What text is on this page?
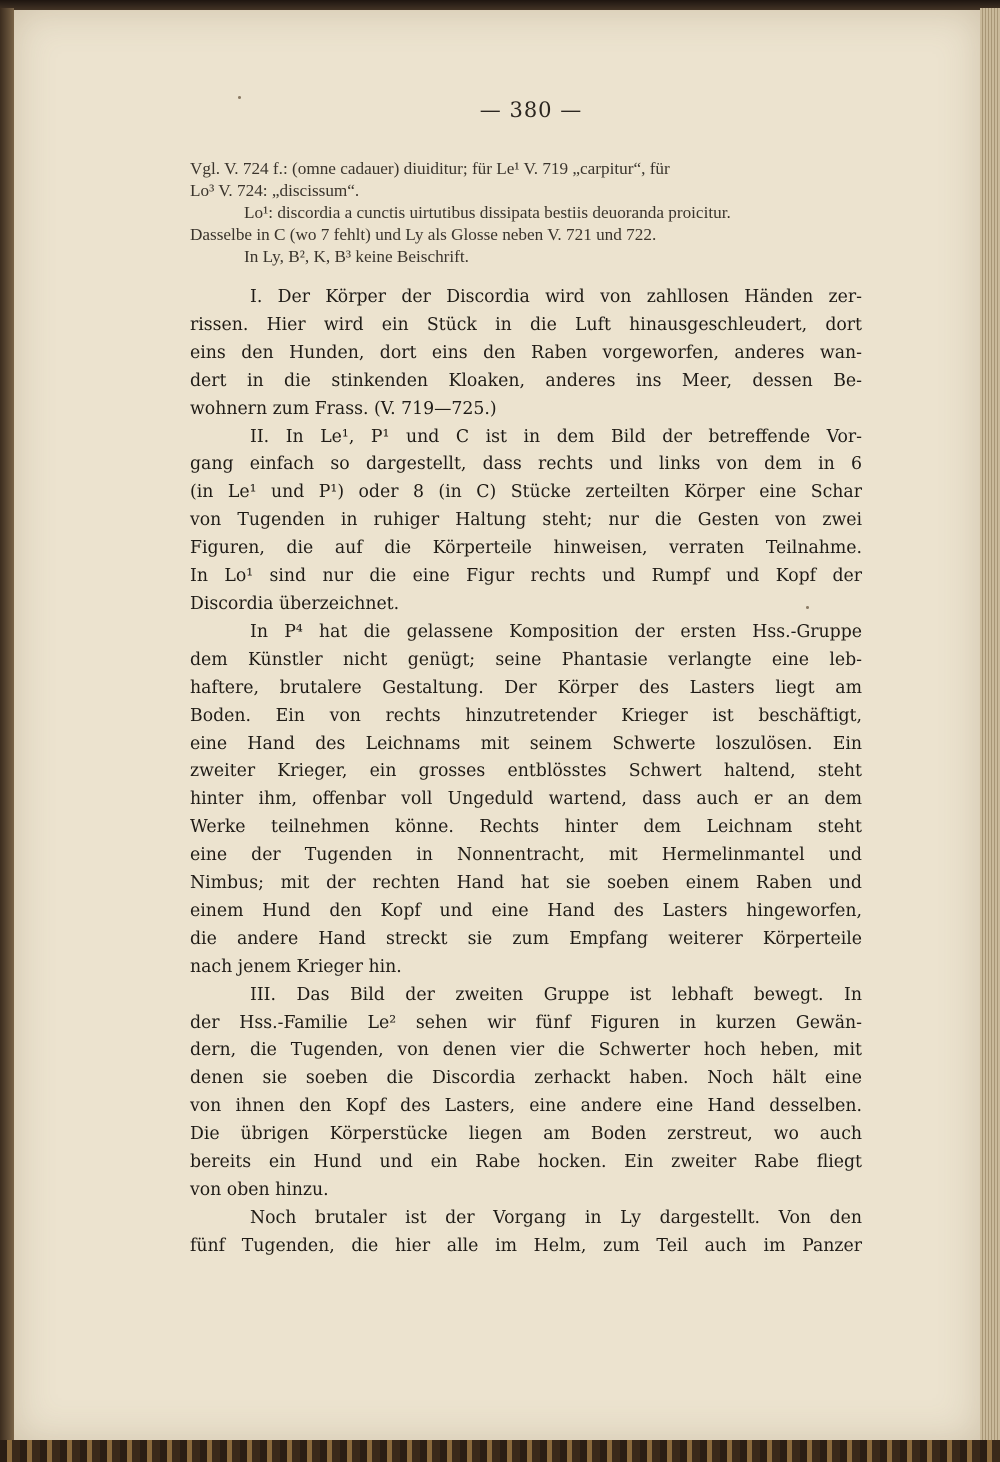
— 380 —
Vgl. V. 724 f.: (omne cadauer) diuiditur; für Le¹ V. 719 „carpitur“, für
Lo³ V. 724: „discissum“.
Lo¹: discordia a cunctis uirtutibus dissipata bestiis deuoranda proicitur.
Dasselbe in C (wo 7 fehlt) und Ly als Glosse neben V. 721 und 722.
In Ly, B², K, B³ keine Beischrift.
I. Der Körper der Discordia wird von zahllosen Händen zer-
rissen. Hier wird ein Stück in die Luft hinausgeschleudert, dort
eins den Hunden, dort eins den Raben vorgeworfen, anderes wan-
dert in die stinkenden Kloaken, anderes ins Meer, dessen Be-
wohnern zum Frass. (V. 719—725.)
II. In Le¹, P¹ und C ist in dem Bild der betreffende Vor-
gang einfach so dargestellt, dass rechts und links von dem in 6
(in Le¹ und P¹) oder 8 (in C) Stücke zerteilten Körper eine Schar
von Tugenden in ruhiger Haltung steht; nur die Gesten von zwei
Figuren, die auf die Körperteile hinweisen, verraten Teilnahme.
In Lo¹ sind nur die eine Figur rechts und Rumpf und Kopf der
Discordia überzeichnet.
In P⁴ hat die gelassene Komposition der ersten Hss.-Gruppe
dem Künstler nicht genügt; seine Phantasie verlangte eine leb-
haftere, brutalere Gestaltung. Der Körper des Lasters liegt am
Boden. Ein von rechts hinzutretender Krieger ist beschäftigt,
eine Hand des Leichnams mit seinem Schwerte loszulösen. Ein
zweiter Krieger, ein grosses entblösstes Schwert haltend, steht
hinter ihm, offenbar voll Ungeduld wartend, dass auch er an dem
Werke teilnehmen könne. Rechts hinter dem Leichnam steht
eine der Tugenden in Nonnentracht, mit Hermelinmantel und
Nimbus; mit der rechten Hand hat sie soeben einem Raben und
einem Hund den Kopf und eine Hand des Lasters hingeworfen,
die andere Hand streckt sie zum Empfang weiterer Körperteile
nach jenem Krieger hin.
III. Das Bild der zweiten Gruppe ist lebhaft bewegt. In
der Hss.-Familie Le² sehen wir fünf Figuren in kurzen Gewän-
dern, die Tugenden, von denen vier die Schwerter hoch heben, mit
denen sie soeben die Discordia zerhackt haben. Noch hält eine
von ihnen den Kopf des Lasters, eine andere eine Hand desselben.
Die übrigen Körperstücke liegen am Boden zerstreut, wo auch
bereits ein Hund und ein Rabe hocken. Ein zweiter Rabe fliegt
von oben hinzu.
Noch brutaler ist der Vorgang in Ly dargestellt. Von den
fünf Tugenden, die hier alle im Helm, zum Teil auch im Panzer
